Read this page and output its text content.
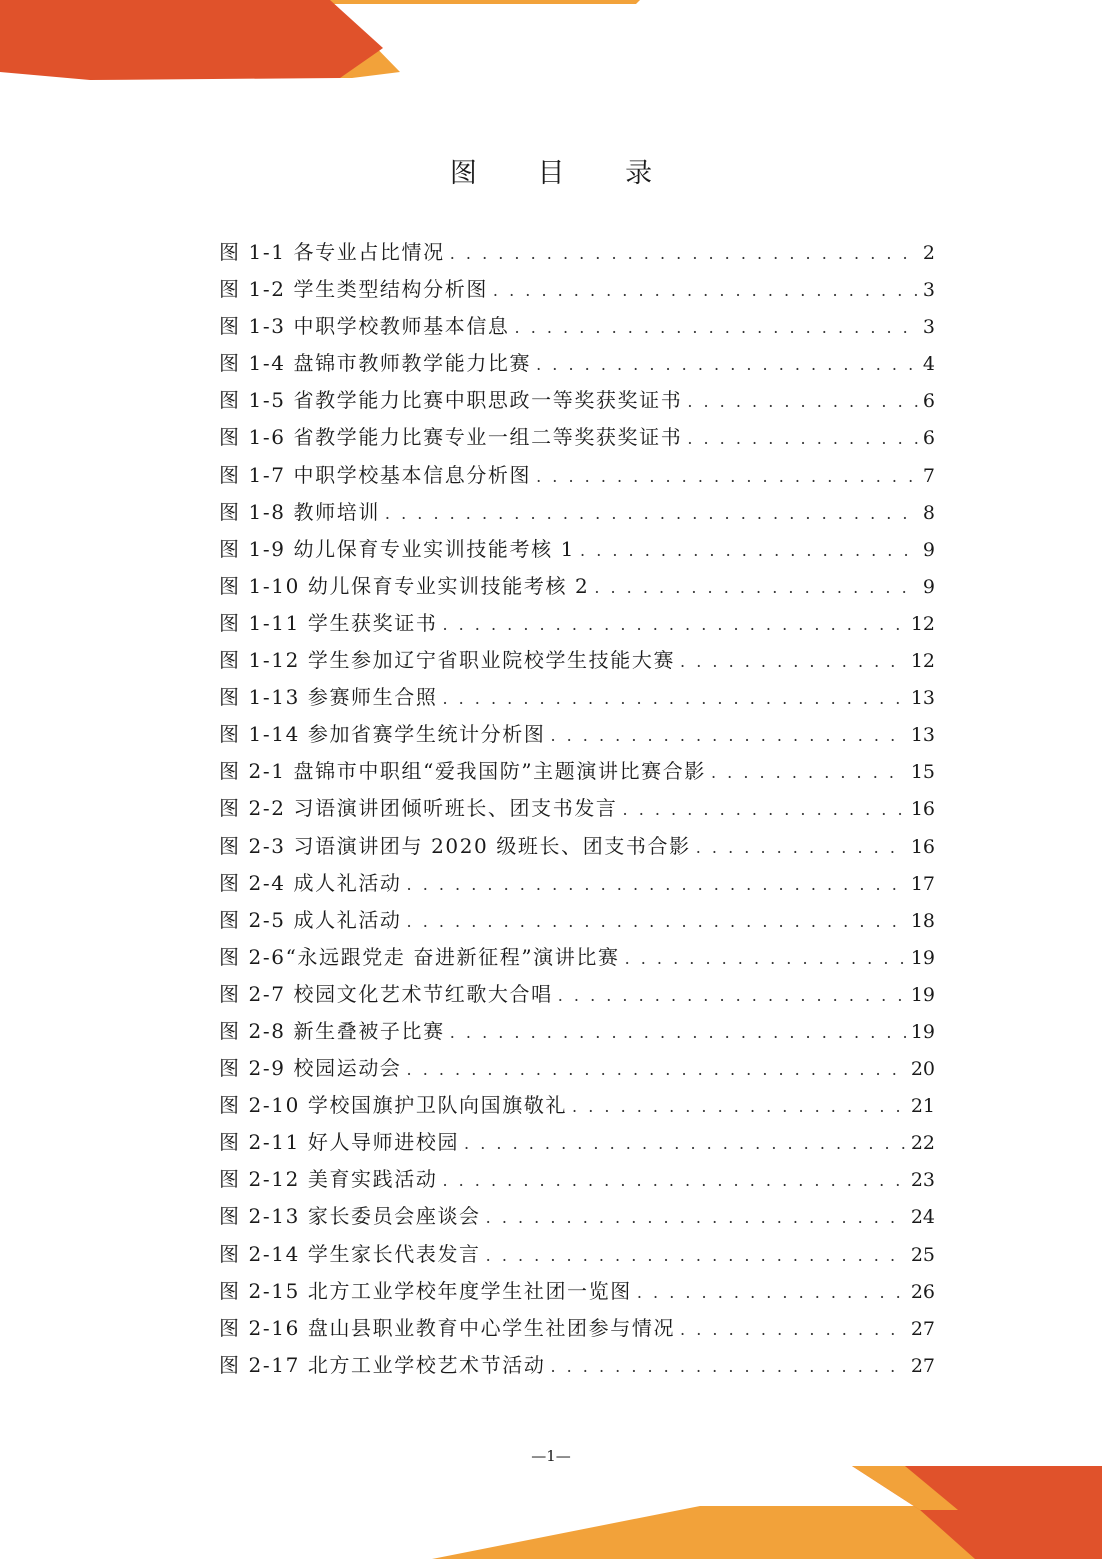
图 目 录
图 1-1 各专业占比情况 . . .	2
图 1-2 学生类型结构分析图 . . .	3
图 1-3 中职学校教师基本信息 . . .	3
图 1-4 盘锦市教师教学能力比赛 . . .	4
图 1-5 省教学能力比赛中职思政一等奖获奖证书 . . .	6
图 1-6 省教学能力比赛专业一组二等奖获奖证书 . . .	6
图 1-7 中职学校基本信息分析图 . . .	7
图 1-8 教师培训 . . .	8
图 1-9 幼儿保育专业实训技能考核 1 . . .	9
图 1-10 幼儿保育专业实训技能考核 2 . . .	9
图 1-11 学生获奖证书 . . .	12
图 1-12 学生参加辽宁省职业院校学生技能大赛 . . .	12
图 1-13 参赛师生合照 . . .	13
图 1-14 参加省赛学生统计分析图 . . .	13
图 2-1 盘锦市中职组“爱我国防”主题演讲比赛合影 . . .	15
图 2-2 习语演讲团倾听班长、团支书发言 . . .	16
图 2-3 习语演讲团与 2020 级班长、团支书合影 . . .	16
图 2-4 成人礼活动 . . .	17
图 2-5 成人礼活动 . . .	18
图 2-6“永远跟党走 奋进新征程”演讲比赛 . . .	19
图 2-7 校园文化艺术节红歌大合唱 . . .	19
图 2-8 新生叠被子比赛 . . .	19
图 2-9 校园运动会 . . .	20
图 2-10 学校国旗护卫队向国旗敬礼 . . .	21
图 2-11 好人导师进校园 . . .	22
图 2-12 美育实践活动 . . .	23
图 2-13 家长委员会座谈会 . . .	24
图 2-14 学生家长代表发言 . . .	25
图 2-15 北方工业学校年度学生社团一览图 . . .	26
图 2-16 盘山县职业教育中心学生社团参与情况 . . .	27
图 2-17 北方工业学校艺术节活动 . . .	27
—1—
